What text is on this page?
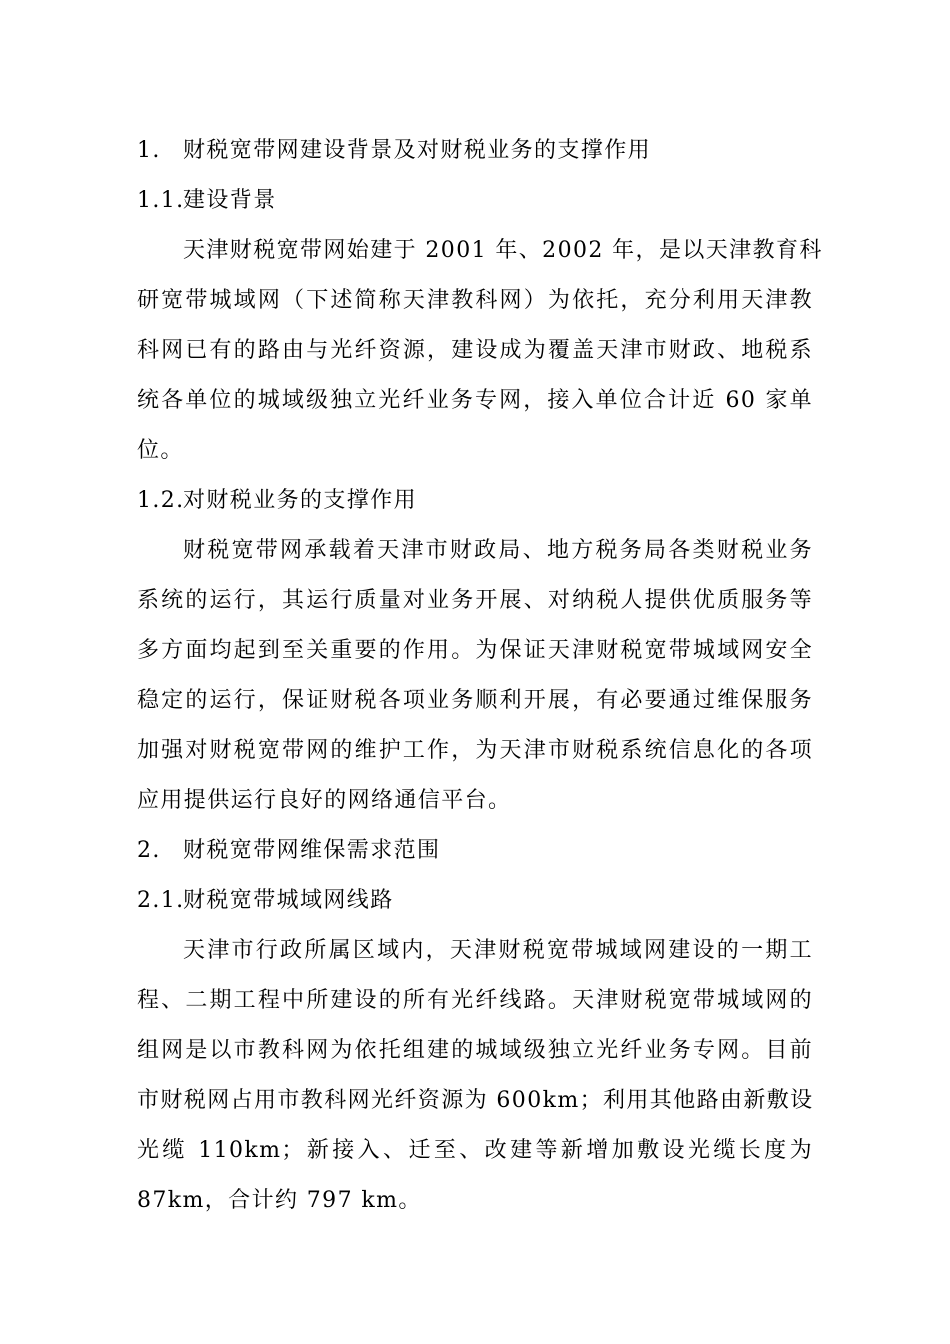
1. 财税宽带网建设背景及对财税业务的支撑作用
1.1.建设背景
天津财税宽带网始建于 2001 年、2002 年，是以天津教育科
研宽带城域网（下述简称天津教科网）为依托，充分利用天津教
科网已有的路由与光纤资源，建设成为覆盖天津市财政、地税系
统各单位的城域级独立光纤业务专网，接入单位合计近 60 家单
位。
1.2.对财税业务的支撑作用
财税宽带网承载着天津市财政局、地方税务局各类财税业务
系统的运行，其运行质量对业务开展、对纳税人提供优质服务等
多方面均起到至关重要的作用。为保证天津财税宽带城域网安全
稳定的运行，保证财税各项业务顺利开展，有必要通过维保服务
加强对财税宽带网的维护工作，为天津市财税系统信息化的各项
应用提供运行良好的网络通信平台。
2. 财税宽带网维保需求范围
2.1.财税宽带城域网线路
天津市行政所属区域内，天津财税宽带城域网建设的一期工
程、二期工程中所建设的所有光纤线路。天津财税宽带城域网的
组网是以市教科网为依托组建的城域级独立光纤业务专网。目前
市财税网占用市教科网光纤资源为 600km；利用其他路由新敷设
光缆 110km；新接入、迁至、改建等新增加敷设光缆长度为
87km，合计约 797 km。
